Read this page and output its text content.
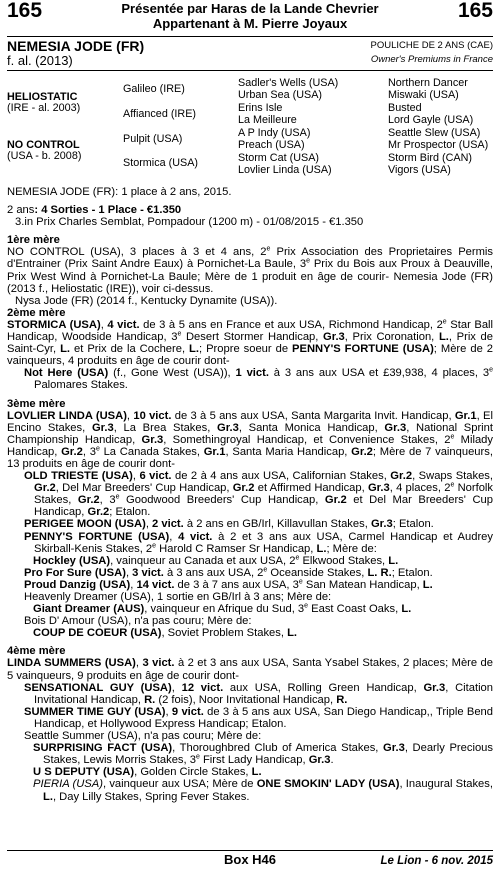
165	Présentée par Haras de la Lande Chevrier
Appartenant à M. Pierre Joyaux
165
NEMESIA JODE (FR)
f. al. (2013)
POULICHE DE 2 ANS (CAE)
Owner's Premiums in France
HELIOSTATIC
(IRE - al. 2003)
NO CONTROL
(USA - b. 2008)
Galileo (IRE)
Affianced (IRE)
Pulpit (USA)
Stormica (USA)
Sadler's Wells (USA)
Urban Sea (USA)
Erins Isle
La Meilleure
A P Indy (USA)
Preach (USA)
Storm Cat (USA)
Lovlier Linda (USA)
Northern Dancer
Miswaki (USA)
Busted
Lord Gayle (USA)
Seattle Slew (USA)
Mr Prospector (USA)
Storm Bird (CAN)
Vigors (USA)

NEMESIA JODE (FR): 1 place à 2 ans, 2015.

2 ans: 4 Sorties - 1 Place - €1.350

3.in Prix Charles Semblat, Pompadour (1200 m) - 01/08/2015 - €1.350

1ère mère

NO CONTROL (USA), 3 places à 3 et 4 ans, 2e Prix Association des Proprietaires Permis d'Entrainer (Prix Saint Andre Eaux) à Pornichet-La Baule, 3e Prix du Bois aux Proux à Deauville, Prix West Wind à Pornichet-La Baule; Mère de 1 produit en âge de courir- Nemesia Jode (FR) (2013 f., Heliostatic (IRE)), voir ci-dessus.

Nysa Jode (FR) (2014 f., Kentucky Dynamite (USA)).

2ème mère

STORMICA (USA), 4 vict. de 3 à 5 ans en France et aux USA, Richmond Handicap, 2e Star Ball Handicap, Woodside Handicap, 3e Desert Stormer Handicap, Gr.3, Prix Coronation, L., Prix de Saint-Cyr, L. et Prix de la Cochere, L.; Propre soeur de PENNY'S FORTUNE (USA); Mère de 2 vainqueurs, 4 produits en âge de courir dont-

Not Here (USA) (f., Gone West (USA)), 1 vict. à 3 ans aux USA et £39,938, 4 places, 3e Palomares Stakes.

3ème mère

LOVLIER LINDA (USA), 10 vict. de 3 à 5 ans aux USA, Santa Margarita Invit. Handicap, Gr.1, El Encino Stakes, Gr.3, La Brea Stakes, Gr.3, Santa Monica Handicap, Gr.3, National Sprint Championship Handicap, Gr.3, Somethingroyal Handicap, et Convenience Stakes, 2e Milady Handicap, Gr.2, 3e La Canada Stakes, Gr.1, Santa Maria Handicap, Gr.2; Mère de 7 vainqueurs, 13 produits en âge de courir dont-

OLD TRIESTE (USA), 6 vict. de 2 à 4 ans aux USA, Californian Stakes, Gr.2, Swaps Stakes, Gr.2, Del Mar Breeders' Cup Handicap, Gr.2 et Affirmed Handicap, Gr.3, 4 places, 2e Norfolk Stakes, Gr.2, 3e Goodwood Breeders' Cup Handicap, Gr.2 et Del Mar Breeders' Cup Handicap, Gr.2; Etalon.

PERIGEE MOON (USA), 2 vict. à 2 ans en GB/Irl, Killavullan Stakes, Gr.3; Etalon.

PENNY'S FORTUNE (USA), 4 vict. à 2 et 3 ans aux USA, Carmel Handicap et Audrey Skirball-Kenis Stakes, 2e Harold C Ramser Sr Handicap, L.; Mère de:

Hockley (USA), vainqueur au Canada et aux USA, 2e Elkwood Stakes, L.

Pro For Sure (USA), 3 vict. à 3 ans aux USA, 2e Oceanside Stakes, L. R.; Etalon.

Proud Danzig (USA), 14 vict. de 3 à 7 ans aux USA, 3e San Matean Handicap, L.

Heavenly Dreamer (USA), 1 sortie en GB/Irl à 3 ans; Mère de:

Giant Dreamer (AUS), vainqueur en Afrique du Sud, 3e East Coast Oaks, L.

Bois D' Amour (USA), n'a pas couru; Mère de:

COUP DE COEUR (USA), Soviet Problem Stakes, L.

4ème mère

LINDA SUMMERS (USA), 3 vict. à 2 et 3 ans aux USA, Santa Ysabel Stakes, 2 places; Mère de 5 vainqueurs, 9 produits en âge de courir dont-

SENSATIONAL GUY (USA), 12 vict. aux USA, Rolling Green Handicap, Gr.3, Citation Invitational Handicap, R. (2 fois), Noor Invitational Handicap, R.

SUMMER TIME GUY (USA), 9 vict. de 3 à 5 ans aux USA, San Diego Handicap,, Triple Bend Handicap, et Hollywood Express Handicap; Etalon.

Seattle Summer (USA), n'a pas couru; Mère de:

SURPRISING FACT (USA), Thoroughbred Club of America Stakes, Gr.3, Dearly Precious Stakes, Lewis Morris Stakes, 3e First Lady Handicap, Gr.3.

U S DEPUTY (USA), Golden Circle Stakes, L.

PIERIA (USA), vainqueur aux USA; Mère de ONE SMOKIN' LADY (USA), Inaugural Stakes, L., Day Lilly Stakes, Spring Fever Stakes.

Box H46	Le Lion - 6 nov. 2015
